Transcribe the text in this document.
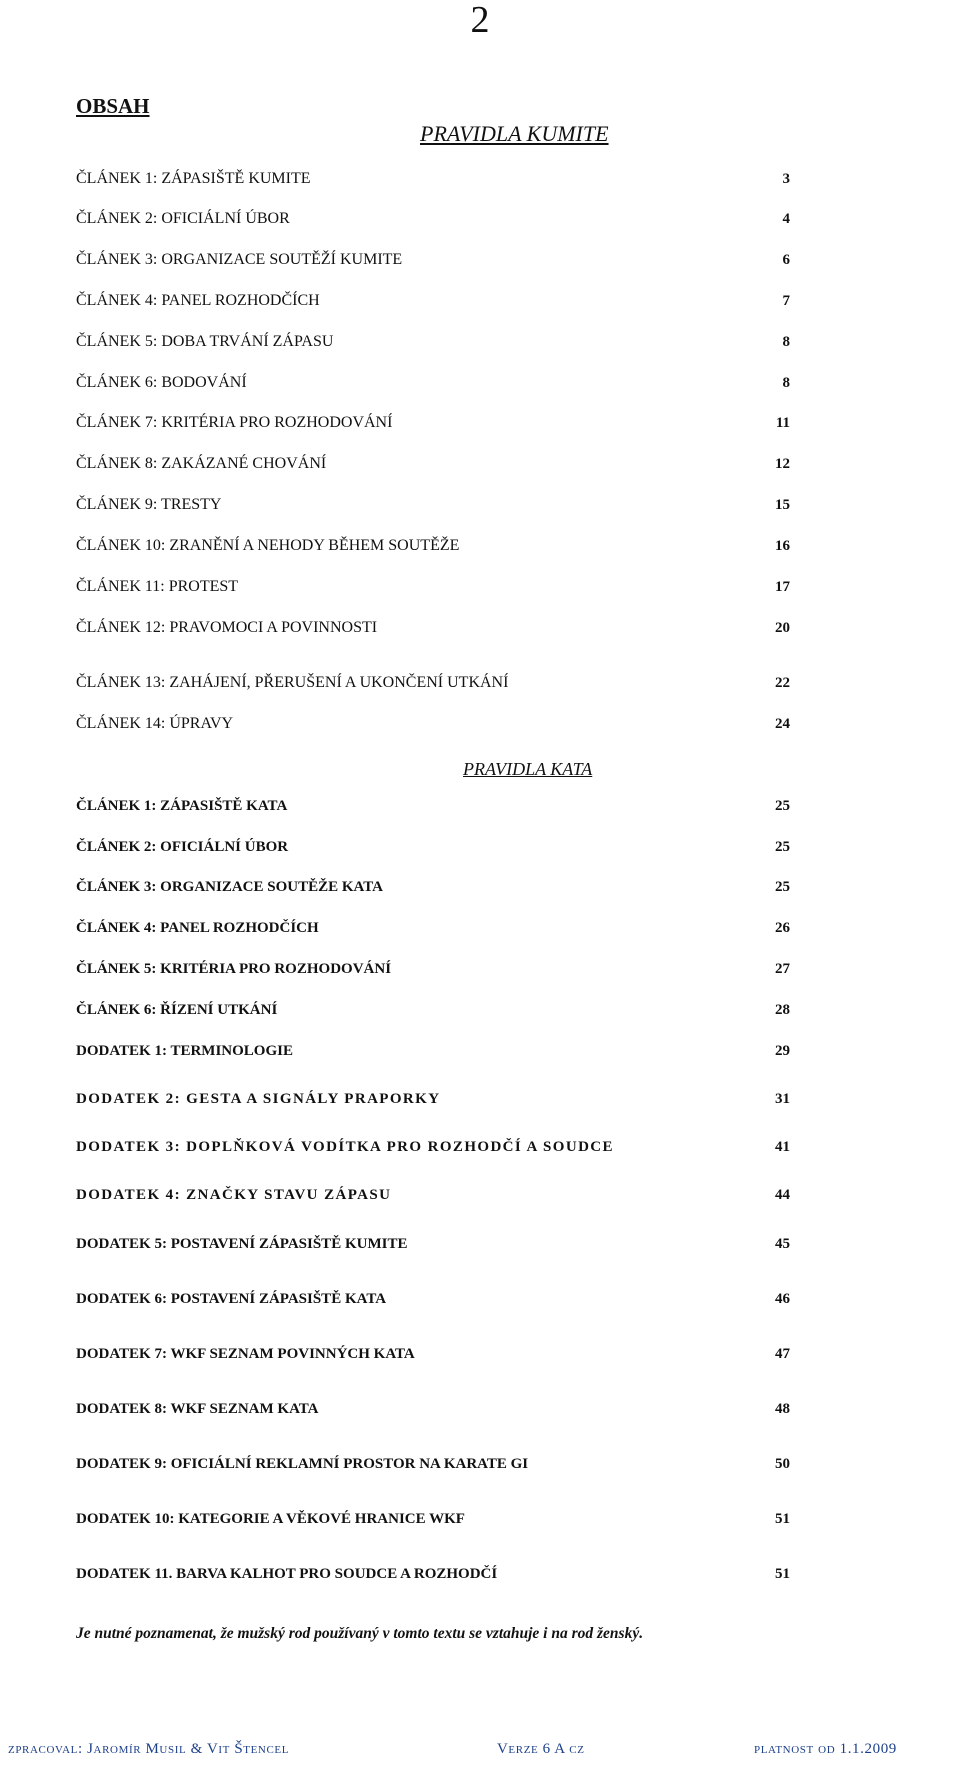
2
OBSAH
PRAVIDLA KUMITE
PRAVIDLA KATA
ČLÁNEK 1: ZÁPASIŠTĚ KUMITE	3
ČLÁNEK 2: OFICIÁLNÍ ÚBOR	4
ČLÁNEK 3: ORGANIZACE SOUTĚŽÍ KUMITE	6
ČLÁNEK 4: PANEL ROZHODČÍCH	7
ČLÁNEK 5: DOBA TRVÁNÍ ZÁPASU	8
ČLÁNEK 6: BODOVÁNÍ	8
ČLÁNEK 7: KRITÉRIA PRO ROZHODOVÁNÍ	11
ČLÁNEK 8: ZAKÁZANÉ CHOVÁNÍ	12
ČLÁNEK 9: TRESTY	15
ČLÁNEK 10: ZRANĚNÍ A NEHODY BĚHEM SOUTĚŽE	16
ČLÁNEK 11: PROTEST	17
ČLÁNEK 12: PRAVOMOCI A POVINNOSTI	20
ČLÁNEK 13: ZAHÁJENÍ, PŘERUŠENÍ A UKONČENÍ UTKÁNÍ	22
ČLÁNEK 14: ÚPRAVY	24
ČLÁNEK 1: ZÁPASIŠTĚ KATA	25
ČLÁNEK 2: OFICIÁLNÍ ÚBOR	25
ČLÁNEK 3: ORGANIZACE SOUTĚŽE KATA	25
ČLÁNEK 4: PANEL ROZHODČÍCH	26
ČLÁNEK 5: KRITÉRIA PRO ROZHODOVÁNÍ	27
ČLÁNEK 6: ŘÍZENÍ UTKÁNÍ	28
DODATEK 1: TERMINOLOGIE	29
DODATEK 2: GESTA A SIGNÁLY PRAPORKY	31
DODATEK 3: DOPLŇKOVÁ VODÍTKA PRO ROZHODČÍ A SOUDCE	41
DODATEK 4: ZNAČKY STAVU ZÁPASU	44
DODATEK 5: POSTAVENÍ ZÁPASIŠTĚ KUMITE	45
DODATEK 6: POSTAVENÍ ZÁPASIŠTĚ KATA	46
DODATEK 7: WKF SEZNAM POVINNÝCH KATA	47
DODATEK 8: WKF SEZNAM KATA	48
DODATEK 9: OFICIÁLNÍ REKLAMNÍ PROSTOR NA KARATE GI	50
DODATEK 10: KATEGORIE A VĚKOVÉ HRANICE WKF	51
DODATEK 11. BARVA KALHOT PRO SOUDCE A ROZHODČÍ	51
Je nutné poznamenat, že mužský rod používaný v tomto textu se vztahuje i na rod ženský.
zpracoval: Jaromír Musil & Vit Štencel	Verze 6 A cz	platnost od 1.1.2009
